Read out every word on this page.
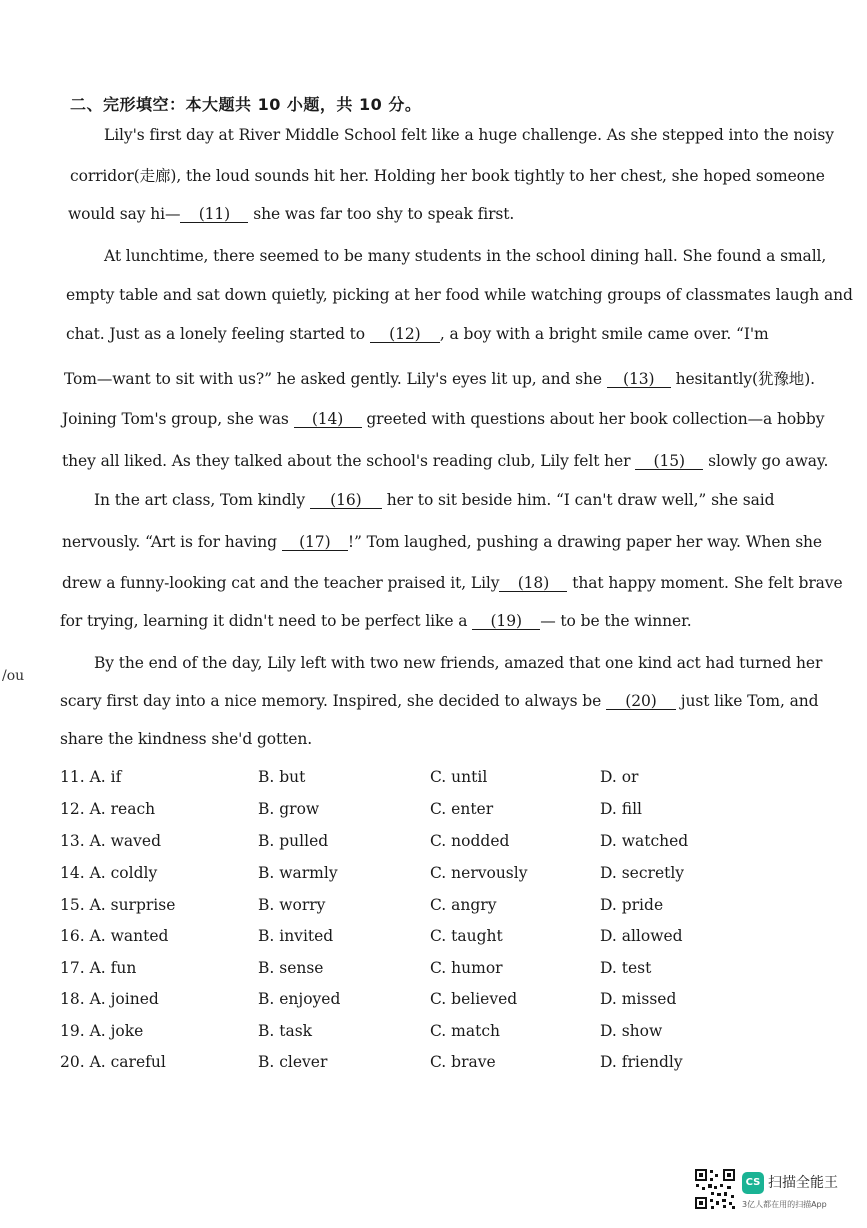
二、完形填空：本大题共 10 小题，共 10 分。
Lily's first day at River Middle School felt like a huge challenge. As she stepped into the noisy
corridor(走廊), the loud sounds hit her. Holding her book tightly to her chest, she hoped someone
would say hi— (11) she was far too shy to speak first.
At lunchtime, there seemed to be many students in the school dining hall. She found a small,
empty table and sat down quietly, picking at her food while watching groups of classmates laugh and
chat. Just as a lonely feeling started to (12) , a boy with a bright smile came over. “I'm
Tom—want to sit with us?” he asked gently. Lily's eyes lit up, and she (13) hesitantly(犹豫地).
Joining Tom's group, she was (14) greeted with questions about her book collection—a hobby
they all liked. As they talked about the school's reading club, Lily felt her (15) slowly go away.
In the art class, Tom kindly (16) her to sit beside him. “I can't draw well,” she said
nervously. “Art is for having (17) !” Tom laughed, pushing a drawing paper her way. When she
drew a funny-looking cat and the teacher praised it, Lily (18) that happy moment. She felt brave
for trying, learning it didn't need to be perfect like a (19) — to be the winner.
/ou
By the end of the day, Lily left with two new friends, amazed that one kind act had turned her
scary first day into a nice memory. Inspired, she decided to always be (20) just like Tom, and
share the kindness she'd gotten.
11. A. if	B. but	C. until	D. or
12. A. reach	B. grow	C. enter	D. fill
13. A. waved	B. pulled	C. nodded	D. watched
14. A. coldly	B. warmly	C. nervously	D. secretly
15. A. surprise	B. worry	C. angry	D. pride
16. A. wanted	B. invited	C. taught	D. allowed
17. A. fun	B. sense	C. humor	D. test
18. A. joined	B. enjoyed	C. believed	D. missed
19. A. joke	B. task	C. match	D. show
20. A. careful	B. clever	C. brave	D. friendly
CS 扫描全能王
3亿人都在用的扫描App
